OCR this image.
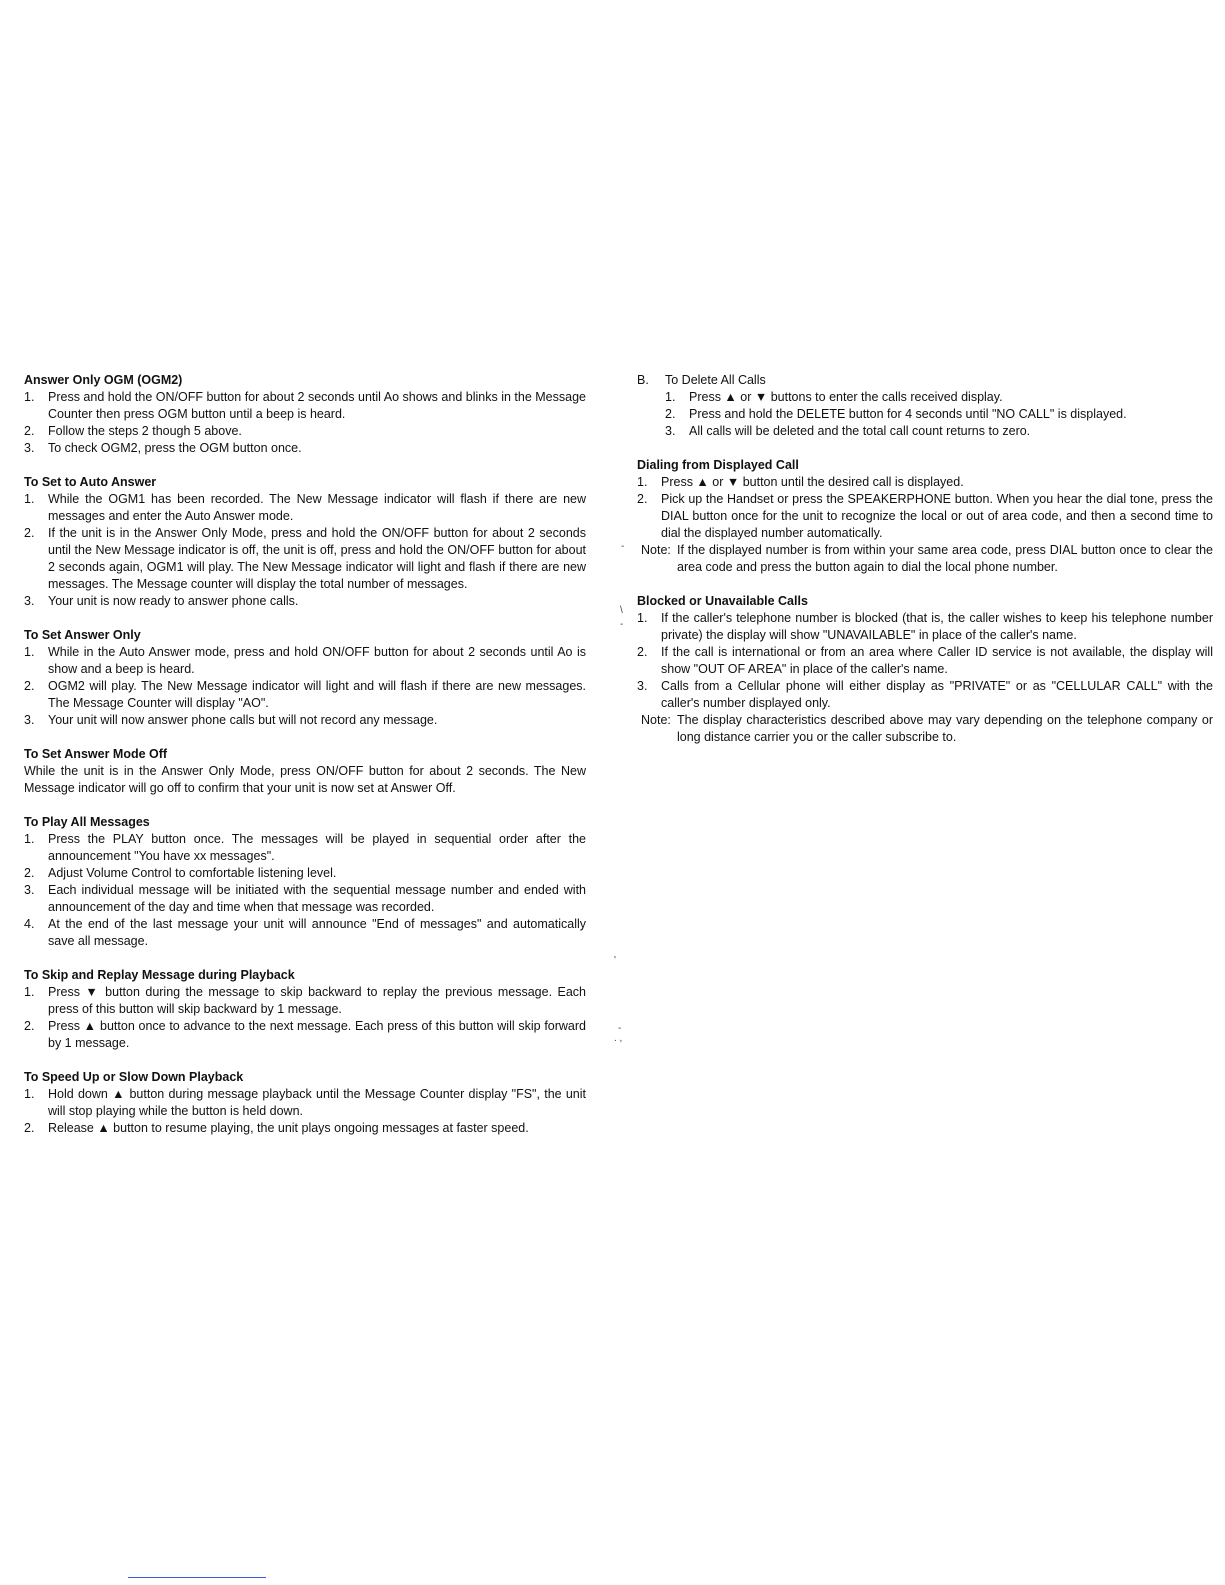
Answer Only OGM (OGM2)
1. Press and hold the ON/OFF button for about 2 seconds until Ao shows and blinks in the Message Counter then press OGM button until a beep is heard.
2. Follow the steps 2 though 5 above.
3. To check OGM2, press the OGM button once.
To Set to Auto Answer
1. While the OGM1 has been recorded. The New Message indicator will flash if there are new messages and enter the Auto Answer mode.
2. If the unit is in the Answer Only Mode, press and hold the ON/OFF button for about 2 seconds until the New Message indicator is off, the unit is off, press and hold the ON/OFF button for about 2 seconds again, OGM1 will play. The New Message indicator will light and flash if there are new messages. The Message counter will display the total number of messages.
3. Your unit is now ready to answer phone calls.
To Set Answer Only
1. While in the Auto Answer mode, press and hold ON/OFF button for about 2 seconds until Ao is show and a beep is heard.
2. OGM2 will play. The New Message indicator will light and will flash if there are new messages. The Message Counter will display "AO".
3. Your unit will now answer phone calls but will not record any message.
To Set Answer Mode Off

While the unit is in the Answer Only Mode, press ON/OFF button for about 2 seconds. The New Message indicator will go off to confirm that your unit is now set at Answer Off.

To Play All Messages
1. Press the PLAY button once. The messages will be played in sequential order after the announcement "You have xx messages".
2. Adjust Volume Control to comfortable listening level.
3. Each individual message will be initiated with the sequential message number and ended with announcement of the day and time when that message was recorded.
4. At the end of the last message your unit will announce "End of messages" and automatically save all message.
To Skip and Replay Message during Playback
1. Press ▼ button during the message to skip backward to replay the previous message. Each press of this button will skip backward by 1 message.
2. Press ▲ button once to advance to the next message. Each press of this button will skip forward by 1 message.
To Speed Up or Slow Down Playback
1. Hold down ▲ button during message playback until the Message Counter display "FS", the unit will stop playing while the button is held down.
2. Release ▲ button to resume playing, the unit plays ongoing messages at faster speed.
B. To Delete All Calls
1. Press ▲ or ▼ buttons to enter the calls received display.
2. Press and hold the DELETE button for 4 seconds until "NO CALL" is displayed.
3. All calls will be deleted and the total call count returns to zero.
Dialing from Displayed Call
1. Press ▲ or ▼ button until the desired call is displayed.
2. Pick up the Handset or press the SPEAKERPHONE button. When you hear the dial tone, press the DIAL button once for the unit to recognize the local or out of area code, and then a second time to dial the displayed number automatically.
Note: If the displayed number is from within your same area code, press DIAL button once to clear the area code and press the button again to dial the local phone number.
Blocked or Unavailable Calls
1. If the caller's telephone number is blocked (that is, the caller wishes to keep his telephone number private) the display will show "UNAVAILABLE" in place of the caller's name.
2. If the call is international or from an area where Caller ID service is not available, the display will show "OUT OF AREA" in place of the caller's name.
3. Calls from a Cellular phone will either display as "PRIVATE" or as "CELLULAR CALL" with the caller's number displayed only.
Note: The display characteristics described above may vary depending on the telephone company or long distance carrier you or the caller subscribe to.
-
\
-
'
-
. ,
